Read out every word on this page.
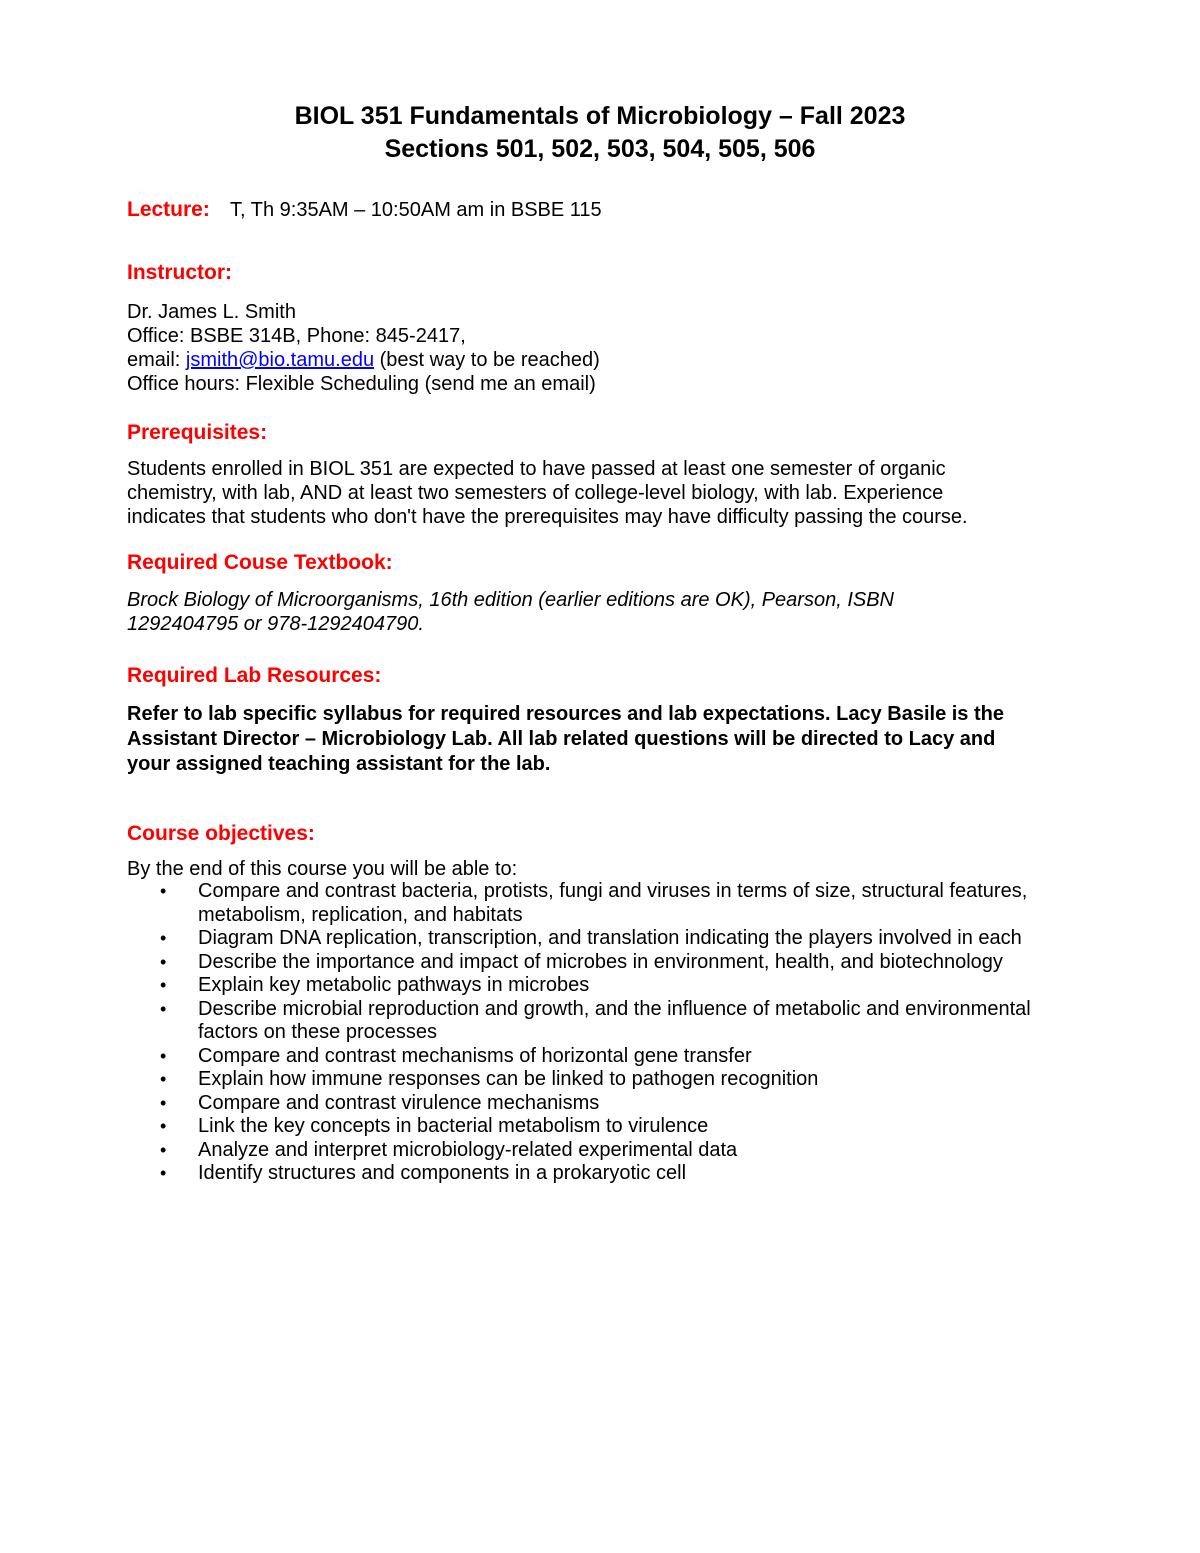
BIOL 351 Fundamentals of Microbiology – Fall 2023
Sections 501, 502, 503, 504, 505, 506
Lecture: T, Th 9:35AM – 10:50AM am in BSBE 115
Instructor:
Dr. James L. Smith
Office: BSBE 314B, Phone: 845-2417,
email: jsmith@bio.tamu.edu (best way to be reached)
Office hours: Flexible Scheduling (send me an email)
Prerequisites:
Students enrolled in BIOL 351 are expected to have passed at least one semester of organic
chemistry, with lab, AND at least two semesters of college-level biology, with lab. Experience
indicates that students who don't have the prerequisites may have difficulty passing the course.
Required Couse Textbook:
Brock Biology of Microorganisms, 16th edition (earlier editions are OK), Pearson, ISBN
1292404795 or 978-1292404790.
Required Lab Resources:
Refer to lab specific syllabus for required resources and lab expectations. Lacy Basile is the
Assistant Director – Microbiology Lab. All lab related questions will be directed to Lacy and
your assigned teaching assistant for the lab.
Course objectives:
By the end of this course you will be able to:
• Compare and contrast bacteria, protists, fungi and viruses in terms of size, structural features, metabolism, replication, and habitats
• Diagram DNA replication, transcription, and translation indicating the players involved in each
• Describe the importance and impact of microbes in environment, health, and biotechnology
• Explain key metabolic pathways in microbes
• Describe microbial reproduction and growth, and the influence of metabolic and environmental factors on these processes
• Compare and contrast mechanisms of horizontal gene transfer
• Explain how immune responses can be linked to pathogen recognition
• Compare and contrast virulence mechanisms
• Link the key concepts in bacterial metabolism to virulence
• Analyze and interpret microbiology-related experimental data
• Identify structures and components in a prokaryotic cell
